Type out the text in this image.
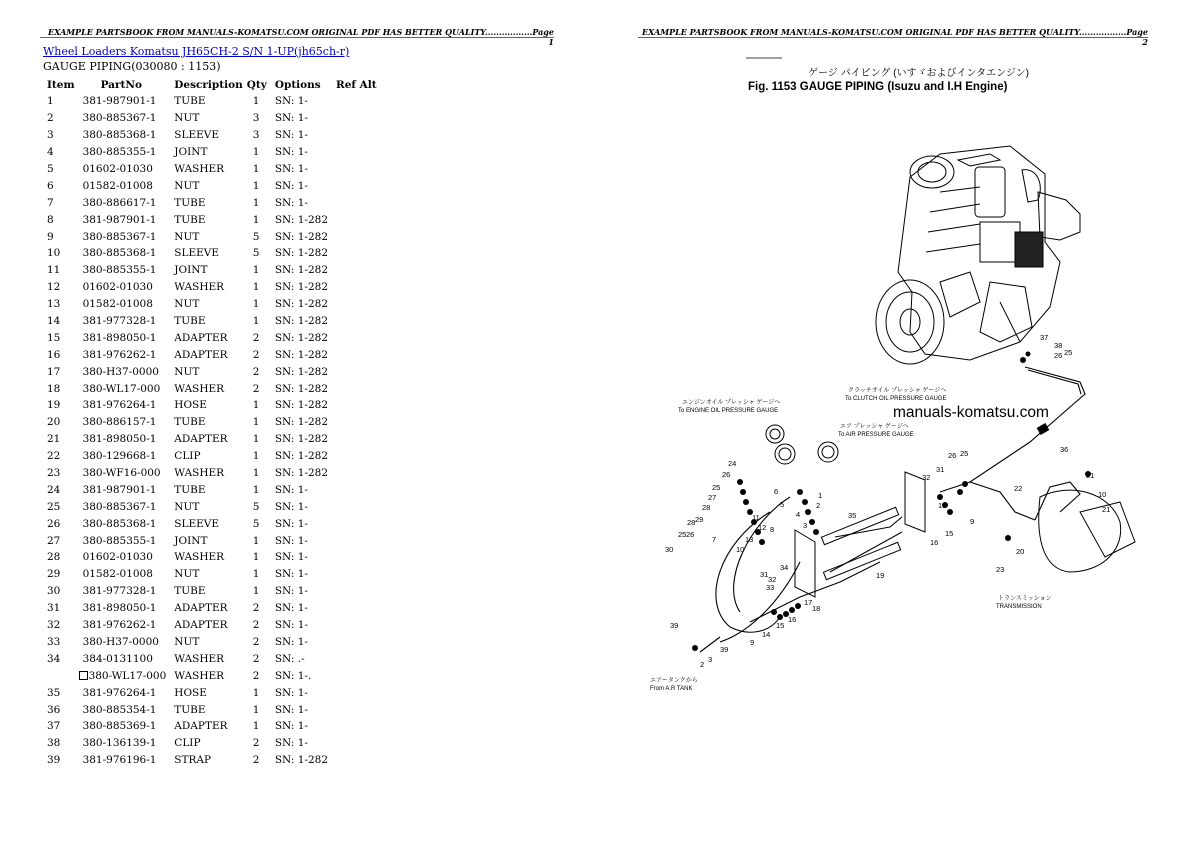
EXAMPLE PARTSBOOK FROM MANUALS-KOMATSU.COM ORIGINAL PDF HAS BETTER QUALITY.................Page 1
EXAMPLE PARTSBOOK FROM MANUALS-KOMATSU.COM ORIGINAL PDF HAS BETTER QUALITY.................Page 2
Wheel Loaders Komatsu JH65CH-2 S/N 1-UP(jh65ch-r)
GAUGE PIPING(030080 : 1153)
Item	PartNo	Description	Qty	Options	Ref Alt
1	381-987901-1	TUBE	1	SN: 1-	
2	380-885367-1	NUT	3	SN: 1-	
3	380-885368-1	SLEEVE	3	SN: 1-	
4	380-885355-1	JOINT	1	SN: 1-	
5	01602-01030	WASHER	1	SN: 1-	
6	01582-01008	NUT	1	SN: 1-	
7	380-886617-1	TUBE	1	SN: 1-	
8	381-987901-1	TUBE	1	SN: 1-282	
9	380-885367-1	NUT	5	SN: 1-282	
10	380-885368-1	SLEEVE	5	SN: 1-282	
11	380-885355-1	JOINT	1	SN: 1-282	
12	01602-01030	WASHER	1	SN: 1-282	
13	01582-01008	NUT	1	SN: 1-282	
14	381-977328-1	TUBE	1	SN: 1-282	
15	381-898050-1	ADAPTER	2	SN: 1-282	
16	381-976262-1	ADAPTER	2	SN: 1-282	
17	380-H37-0000	NUT	2	SN: 1-282	
18	380-WL17-000	WASHER	2	SN: 1-282	
19	381-976264-1	HOSE	1	SN: 1-282	
20	380-886157-1	TUBE	1	SN: 1-282	
21	381-898050-1	ADAPTER	1	SN: 1-282	
22	380-129668-1	CLIP	1	SN: 1-282	
23	380-WF16-000	WASHER	1	SN: 1-282	
24	381-987901-1	TUBE	1	SN: 1-	
25	380-885367-1	NUT	5	SN: 1-	
26	380-885368-1	SLEEVE	5	SN: 1-	
27	380-885355-1	JOINT	1	SN: 1-	
28	01602-01030	WASHER	1	SN: 1-	
29	01582-01008	NUT	1	SN: 1-	
30	381-977328-1	TUBE	1	SN: 1-	
31	381-898050-1	ADAPTER	2	SN: 1-	
32	381-976262-1	ADAPTER	2	SN: 1-	
33	380-H37-0000	NUT	2	SN: 1-	
34	384-0131100	WASHER	2	SN: .-	
	380-WL17-000	WASHER	2	SN: 1-.	
35	381-976264-1	HOSE	1	SN: 1-	
36	380-885354-1	TUBE	1	SN: 1-	
37	380-885369-1	ADAPTER	1	SN: 1-	
38	380-136139-1	CLIP	2	SN: 1-	
39	381-976196-1	STRAP	2	SN: 1-282	
ゲージ パイピング (いすゞおよびインタエンジン)
Fig. 1153 GAUGE PIPING (Isuzu and I.H Engine)
manuals-komatsu.com
エンジンオイル プレッシャ ゲージへ
To ENGINE OIL PRESSURE GAUGE
クラッチオイル プレッシャ ゲージへ
To CLUTCH OIL PRESSURE GAUGE
エア プレッシャ ゲージへ
To AIR PRESSURE GAUGE
エアータンクから
From A.R TANK
トランスミッション
TRANSMISSION
37
38
26 25
36
24
26
25
27
28
29
28
26
25
30
7
6
5
4
3
1
2
3
10
13
12
11	35
19
31
32
33
34
18
17
16
15
14
9
39
39
2
31
26 25
32
16
15
9
10
22
21
10
21
20
23
8
